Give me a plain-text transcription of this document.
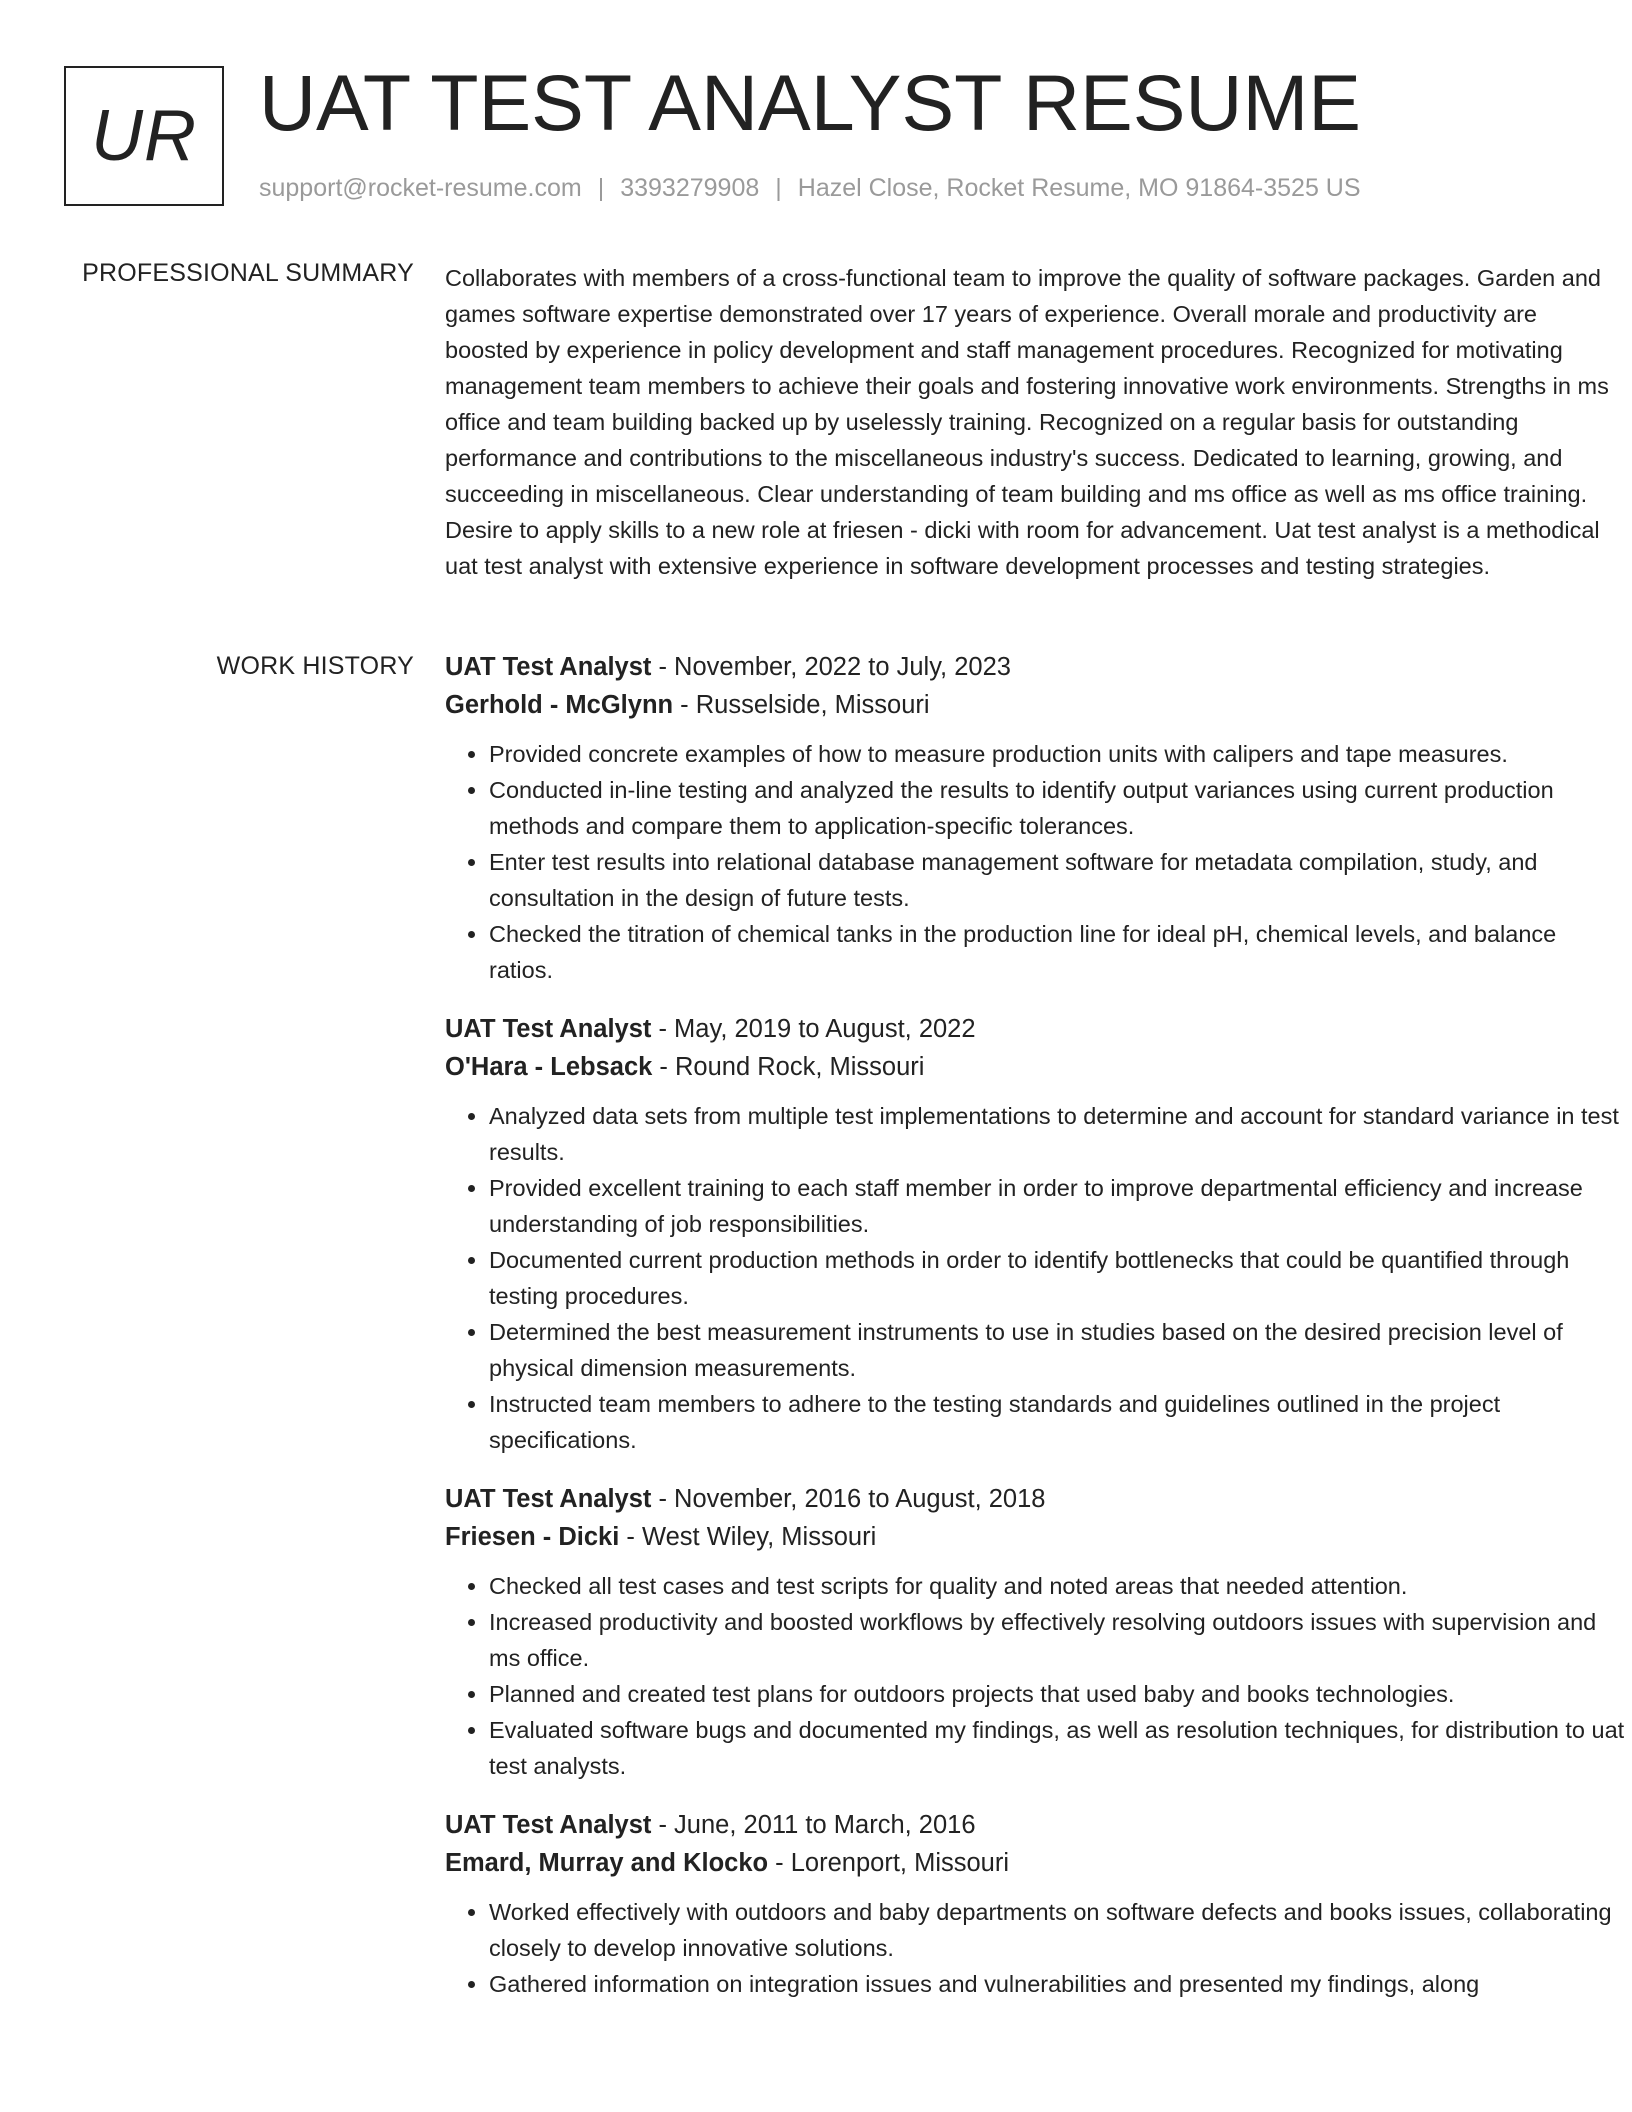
UR UAT TEST ANALYST RESUME
support@rocket-resume.com | 3393279908 | Hazel Close, Rocket Resume, MO 91864-3525 US
PROFESSIONAL SUMMARY Collaborates with members of a cross-functional team to improve the quality of software packages. Garden and games software expertise demonstrated over 17 years of experience. Overall morale and productivity are boosted by experience in policy development and staff management procedures. Recognized for motivating management team members to achieve their goals and fostering innovative work environments. Strengths in ms office and team building backed up by uselessly training. Recognized on a regular basis for outstanding performance and contributions to the miscellaneous industry's success. Dedicated to learning, growing, and succeeding in miscellaneous. Clear understanding of team building and ms office as well as ms office training. Desire to apply skills to a new role at friesen - dicki with room for advancement. Uat test analyst is a methodical uat test analyst with extensive experience in software development processes and testing strategies.

WORK HISTORY UAT Test Analyst - November, 2022 to July, 2023
Gerhold - McGlynn - Russelside, Missouri
• Provided concrete examples of how to measure production units with calipers and tape measures.
• Conducted in-line testing and analyzed the results to identify output variances using current production methods and compare them to application-specific tolerances.
• Enter test results into relational database management software for metadata compilation, study, and consultation in the design of future tests.
• Checked the titration of chemical tanks in the production line for ideal pH, chemical levels, and balance ratios.
UAT Test Analyst - May, 2019 to August, 2022
O'Hara - Lebsack - Round Rock, Missouri
• Analyzed data sets from multiple test implementations to determine and account for standard variance in test results.
• Provided excellent training to each staff member in order to improve departmental efficiency and increase understanding of job responsibilities.
• Documented current production methods in order to identify bottlenecks that could be quantified through testing procedures.
• Determined the best measurement instruments to use in studies based on the desired precision level of physical dimension measurements.
• Instructed team members to adhere to the testing standards and guidelines outlined in the project specifications.
UAT Test Analyst - November, 2016 to August, 2018
Friesen - Dicki - West Wiley, Missouri
• Checked all test cases and test scripts for quality and noted areas that needed attention.
• Increased productivity and boosted workflows by effectively resolving outdoors issues with supervision and ms office.
• Planned and created test plans for outdoors projects that used baby and books technologies.
• Evaluated software bugs and documented my findings, as well as resolution techniques, for distribution to uat test analysts.
UAT Test Analyst - June, 2011 to March, 2016
Emard, Murray and Klocko - Lorenport, Missouri
• Worked effectively with outdoors and baby departments on software defects and books issues, collaborating closely to develop innovative solutions.
• Gathered information on integration issues and vulnerabilities and presented my findings, along
